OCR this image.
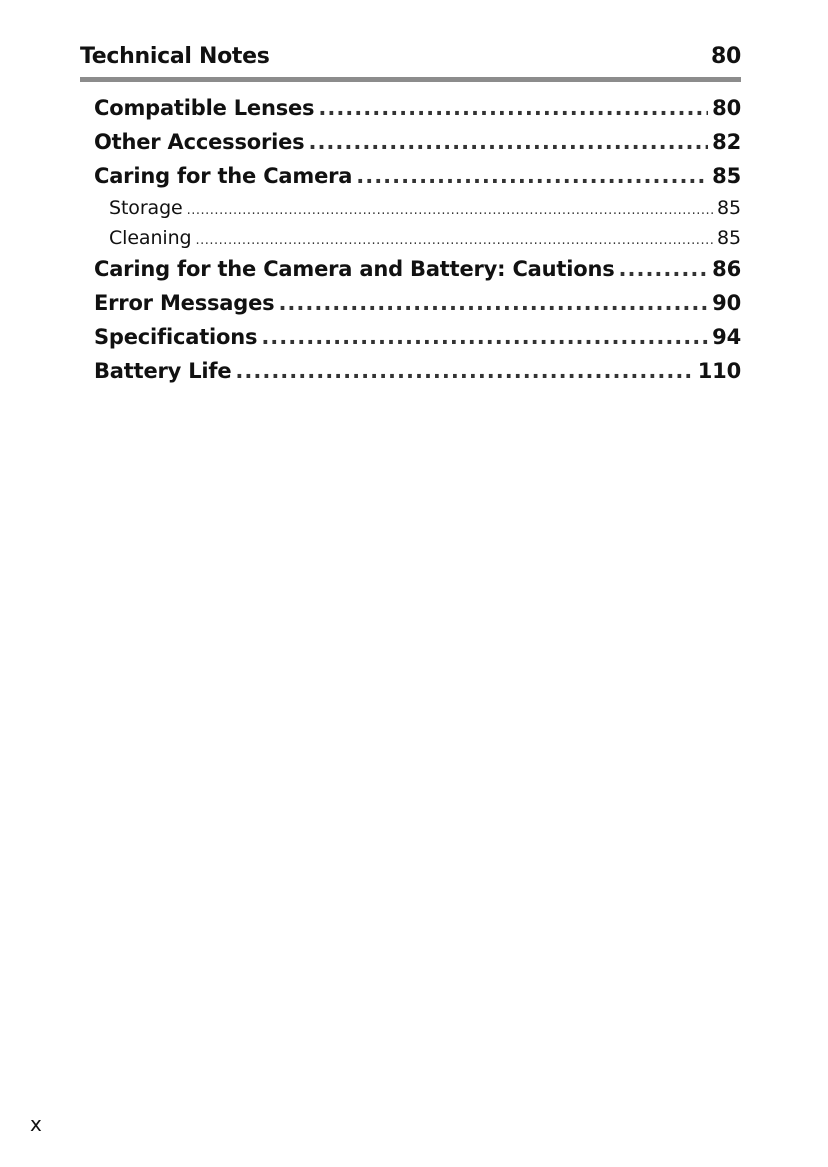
Technical Notes	80
Compatible Lenses .....	80
Other Accessories .....	82
Caring for the Camera .....	85
Storage .....	85
Cleaning .....	85
Caring for the Camera and Battery: Cautions .....	86
Error Messages .....	90
Specifications .....	94
Battery Life .....	110
x
